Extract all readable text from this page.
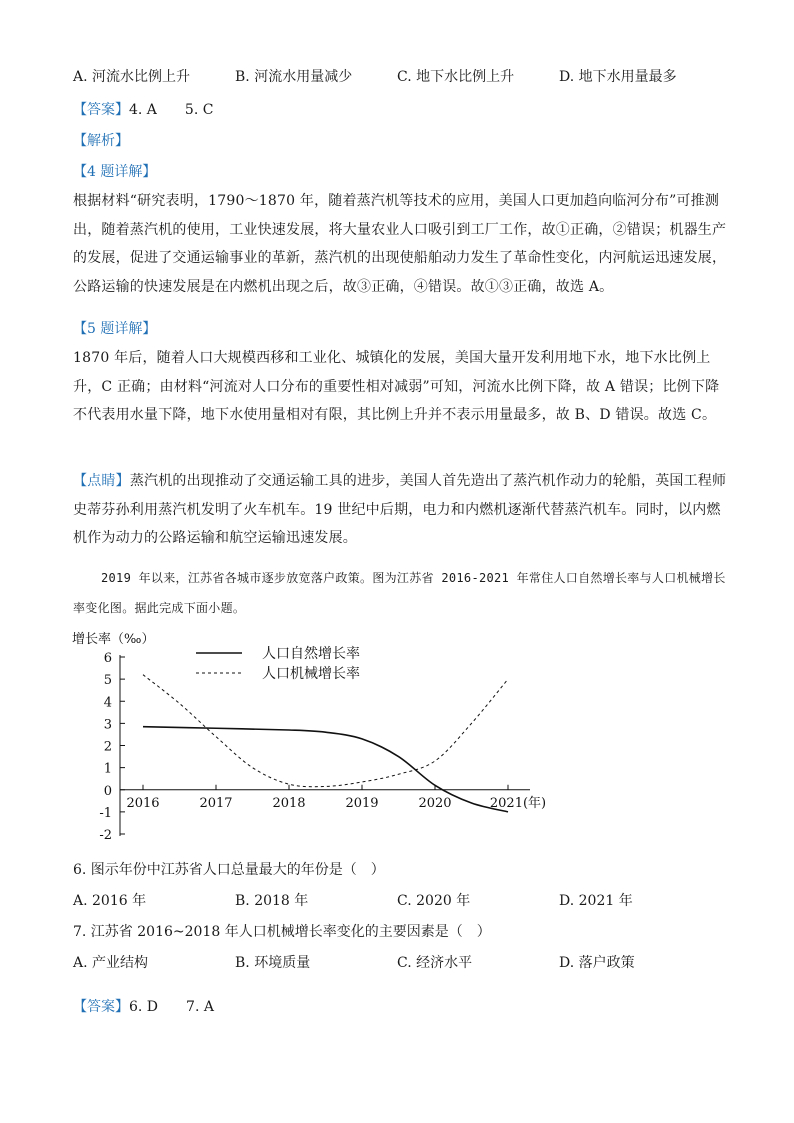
A. 河流水比例上升	B. 河流水用量减少	C. 地下水比例上升	D. 地下水用量最多
【答案】4. A　　5. C
【解析】
【4 题详解】
根据材料“研究表明，1790～1870 年，随着蒸汽机等技术的应用，美国人口更加趋向临河分布”可推测出，随着蒸汽机的使用，工业快速发展，将大量农业人口吸引到工厂工作，故①正确，②错误；机器生产的发展，促进了交通运输事业的革新，蒸汽机的出现使船舶动力发生了革命性变化，内河航运迅速发展，公路运输的快速发展是在内燃机出现之后，故③正确，④错误。故①③正确，故选 A。
【5 题详解】
1870 年后，随着人口大规模西移和工业化、城镇化的发展，美国大量开发利用地下水，地下水比例上升，C 正确；由材料“河流对人口分布的重要性相对减弱”可知，河流水比例下降，故 A 错误；比例下降不代表用水量下降，地下水使用量相对有限，其比例上升并不表示用量最多，故 B、D 错误。故选 C。
【点睛】蒸汽机的出现推动了交通运输工具的进步，美国人首先造出了蒸汽机作动力的轮船，英国工程师史蒂芬孙利用蒸汽机发明了火车机车。19 世纪中后期，电力和内燃机逐渐代替蒸汽机车。同时，以内燃机作为动力的公路运输和航空运输迅速发展。
2019 年以来，江苏省各城市逐步放宽落户政策。图为江苏省 2016-2021 年常住人口自然增长率与人口机械增长率变化图。据此完成下面小题。
增长率（‰）
-2
-1
0
1
2
3
4
5
6
2016	2017	2018	2019	2020	2021(年)
人口自然增长率
人口机械增长率
6. 图示年份中江苏省人口总量最大的年份是（　）
A. 2016 年	B. 2018 年	C. 2020 年	D. 2021 年
7. 江苏省 2016~2018 年人口机械增长率变化的主要因素是（　）
A. 产业结构	B. 环境质量	C. 经济水平	D. 落户政策
【答案】6. D　　7. A
